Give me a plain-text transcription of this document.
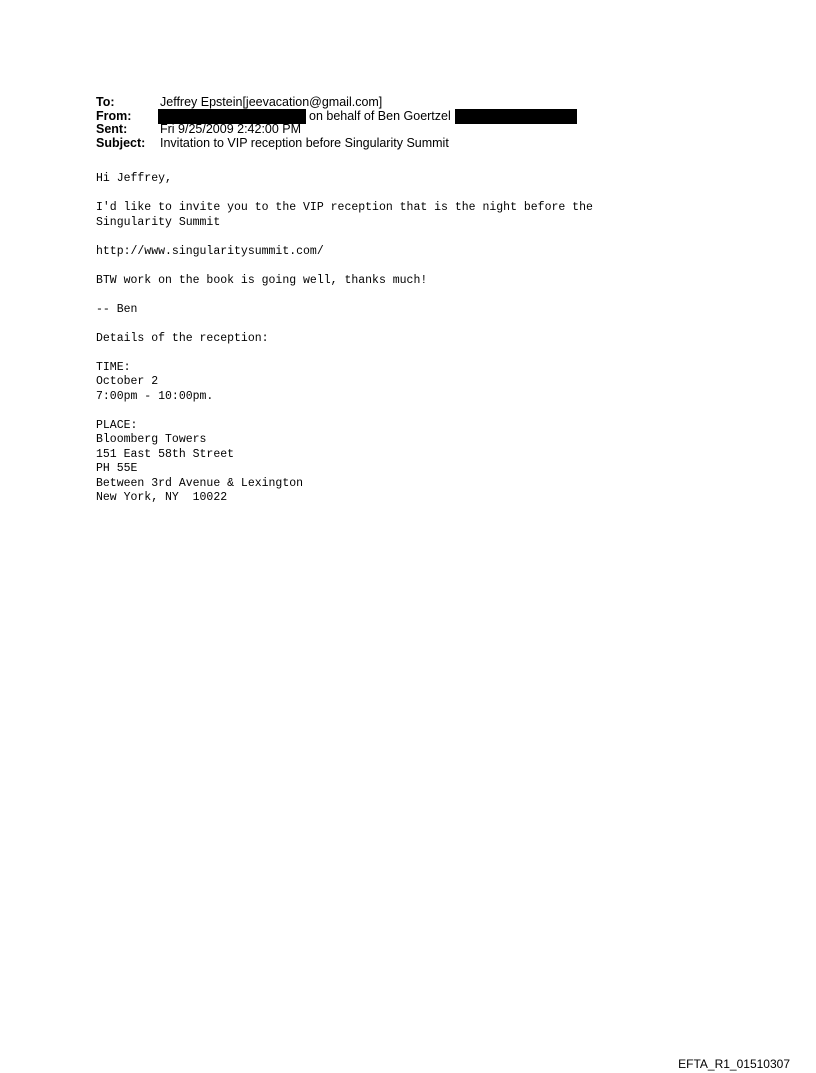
To:	Jeffrey Epstein[jeevacation@gmail.com]
From:	on behalf of Ben Goertzel
Sent:	Fri 9/25/2009 2:42:00 PM
Subject:	Invitation to VIP reception before Singularity Summit
Hi Jeffrey,
I'd like to invite you to the VIP reception that is the night before the
Singularity Summit
http://www.singularitysummit.com/
BTW work on the book is going well, thanks much!
-- Ben
Details of the reception:
TIME:
October 2
7:00pm - 10:00pm.
PLACE:
Bloomberg Towers
151 East 58th Street
PH 55E
Between 3rd Avenue & Lexington
New York, NY  10022
EFTA_R1_01510307
